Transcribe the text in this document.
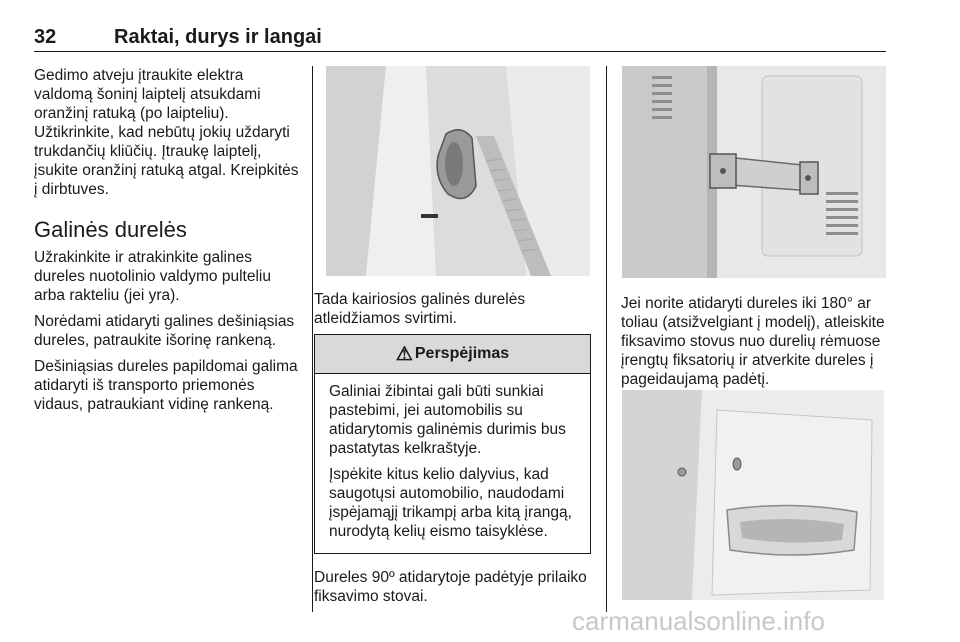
32	Raktai, durys ir langai

Gedimo atveju įtraukite elektra valdomą šoninį laiptelį atsukdami oranžinį ratuką (po laipteliu). Užtikrinkite, kad nebūtų jokių uždaryti trukdančių kliūčių. Įtraukę laiptelį, įsukite oranžinį ratuką atgal. Kreipkitės į dirbtuves.

Galinės durelės

Užrakinkite ir atrakinkite galines dureles nuotolinio valdymo pulteliu arba rakteliu (jei yra).

Norėdami atidaryti galines dešiniąsias dureles, patraukite išorinę rankeną.

Dešiniąsias dureles papildomai galima atidaryti iš transporto priemonės vidaus, patraukiant vidinę rankeną.

Tada kairiosios galinės durelės atleidžiamos svirtimi.

⚠ Perspėjimas

Galiniai žibintai gali būti sunkiai pastebimi, jei automobilis su atidarytomis galinėmis durimis bus pastatytas kelkraštyje.

Įspėkite kitus kelio dalyvius, kad saugotųsi automobilio, naudodami įspėjamąjį trikampį arba kitą įrangą, nurodytą kelių eismo taisyklėse.

Dureles 90º atidarytoje padėtyje prilaiko fiksavimo stovai.

Jei norite atidaryti dureles iki 180° ar toliau (atsižvelgiant į modelį), atleiskite fiksavimo stovus nuo durelių rėmuose įrengtų fiksatorių ir atverkite dureles į pageidaujamą padėtį.

carmanualsonline.info
